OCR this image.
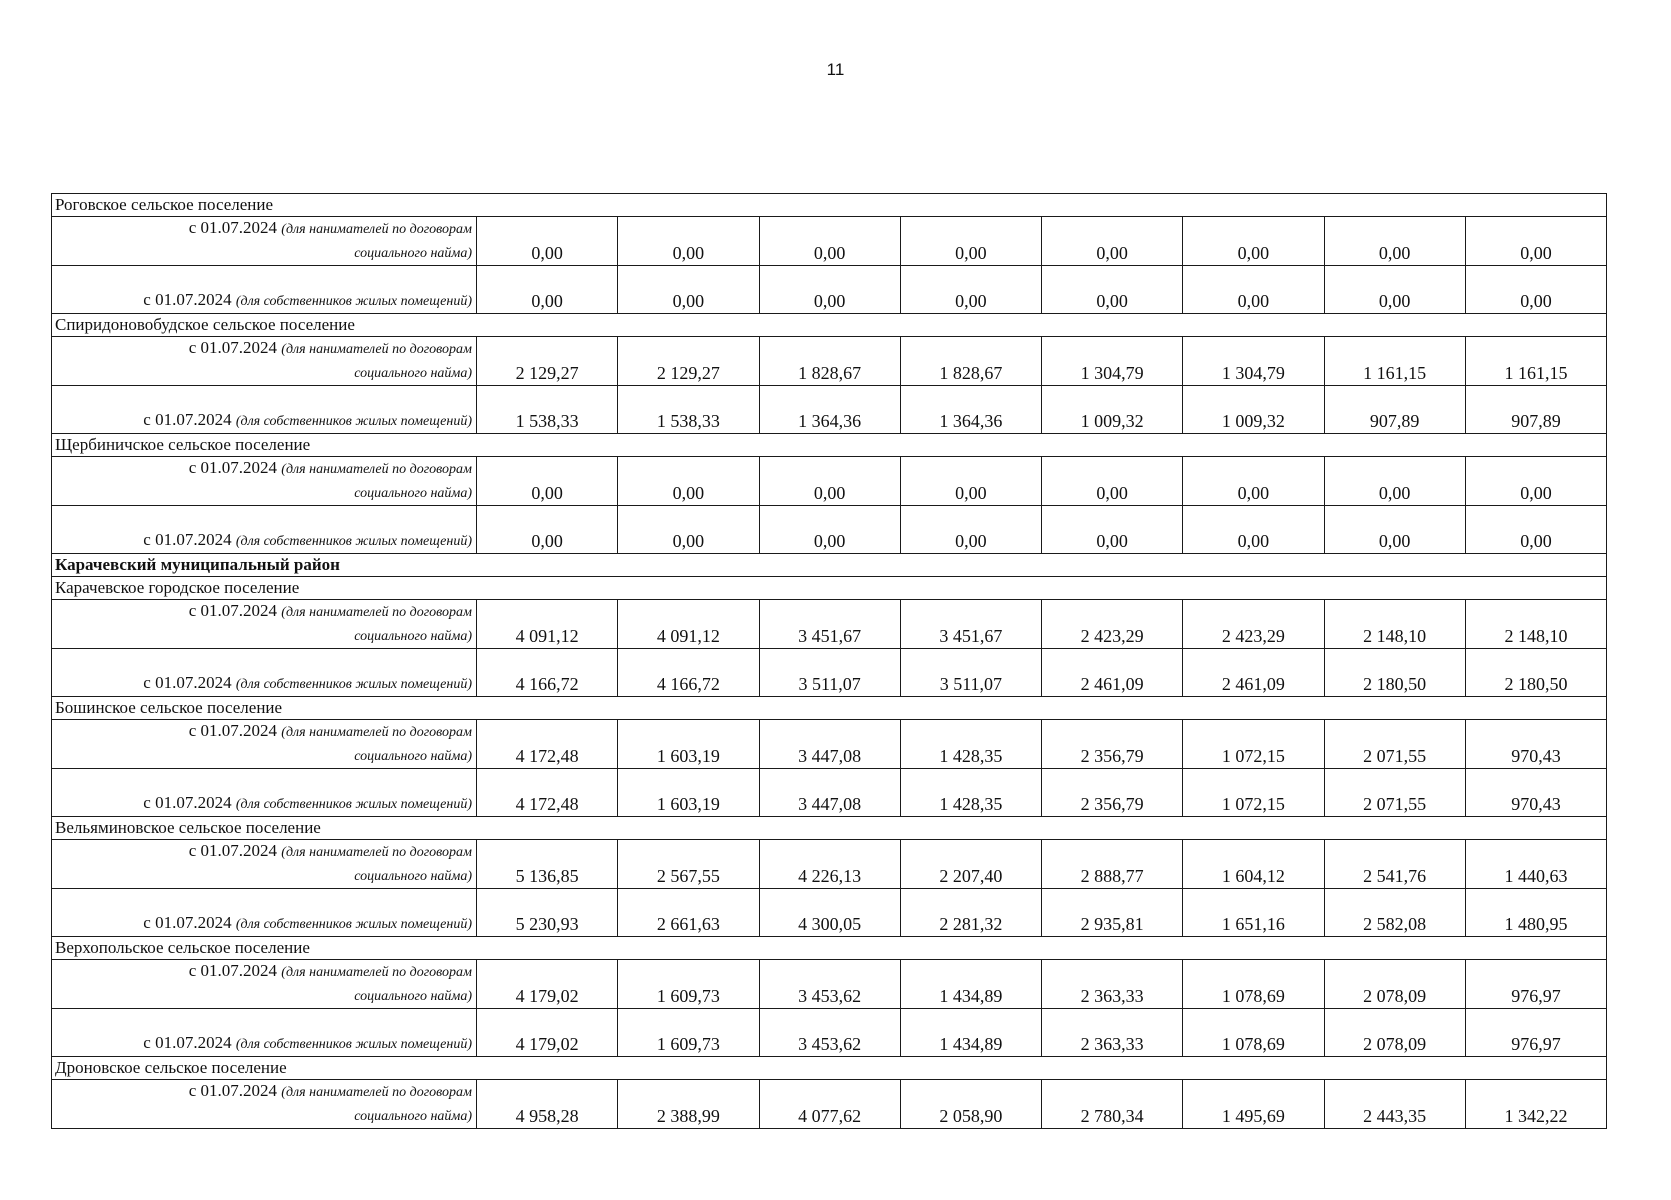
11
Роговское сельское поселение								

с 01.07.2024 (для нанимателей по договорам
социального найма)	0,00	0,00	0,00	0,00	0,00	0,00	0,00	0,00

с 01.07.2024 (для собственников жилых помещений)	0,00	0,00	0,00	0,00	0,00	0,00	0,00	0,00
Спиридоновобудское сельское поселение								

с 01.07.2024 (для нанимателей по договорам
социального найма)	2 129,27	2 129,27	1 828,67	1 828,67	1 304,79	1 304,79	1 161,15	1 161,15

с 01.07.2024 (для собственников жилых помещений)	1 538,33	1 538,33	1 364,36	1 364,36	1 009,32	1 009,32	907,89	907,89
Щербиничское сельское поселение								

с 01.07.2024 (для нанимателей по договорам
социального найма)	0,00	0,00	0,00	0,00	0,00	0,00	0,00	0,00

с 01.07.2024 (для собственников жилых помещений)	0,00	0,00	0,00	0,00	0,00	0,00	0,00	0,00
Карачевский муниципальный район								
Карачевское городское поселение								

с 01.07.2024 (для нанимателей по договорам
социального найма)	4 091,12	4 091,12	3 451,67	3 451,67	2 423,29	2 423,29	2 148,10	2 148,10

с 01.07.2024 (для собственников жилых помещений)	4 166,72	4 166,72	3 511,07	3 511,07	2 461,09	2 461,09	2 180,50	2 180,50
Бошинское сельское поселение								

с 01.07.2024 (для нанимателей по договорам
социального найма)	4 172,48	1 603,19	3 447,08	1 428,35	2 356,79	1 072,15	2 071,55	970,43

с 01.07.2024 (для собственников жилых помещений)	4 172,48	1 603,19	3 447,08	1 428,35	2 356,79	1 072,15	2 071,55	970,43
Вельяминовское сельское поселение								

с 01.07.2024 (для нанимателей по договорам
социального найма)	5 136,85	2 567,55	4 226,13	2 207,40	2 888,77	1 604,12	2 541,76	1 440,63

с 01.07.2024 (для собственников жилых помещений)	5 230,93	2 661,63	4 300,05	2 281,32	2 935,81	1 651,16	2 582,08	1 480,95
Верхопольское сельское поселение								

с 01.07.2024 (для нанимателей по договорам
социального найма)	4 179,02	1 609,73	3 453,62	1 434,89	2 363,33	1 078,69	2 078,09	976,97

с 01.07.2024 (для собственников жилых помещений)	4 179,02	1 609,73	3 453,62	1 434,89	2 363,33	1 078,69	2 078,09	976,97
Дроновское сельское поселение								

с 01.07.2024 (для нанимателей по договорам
социального найма)	4 958,28	2 388,99	4 077,62	2 058,90	2 780,34	1 495,69	2 443,35	1 342,22
